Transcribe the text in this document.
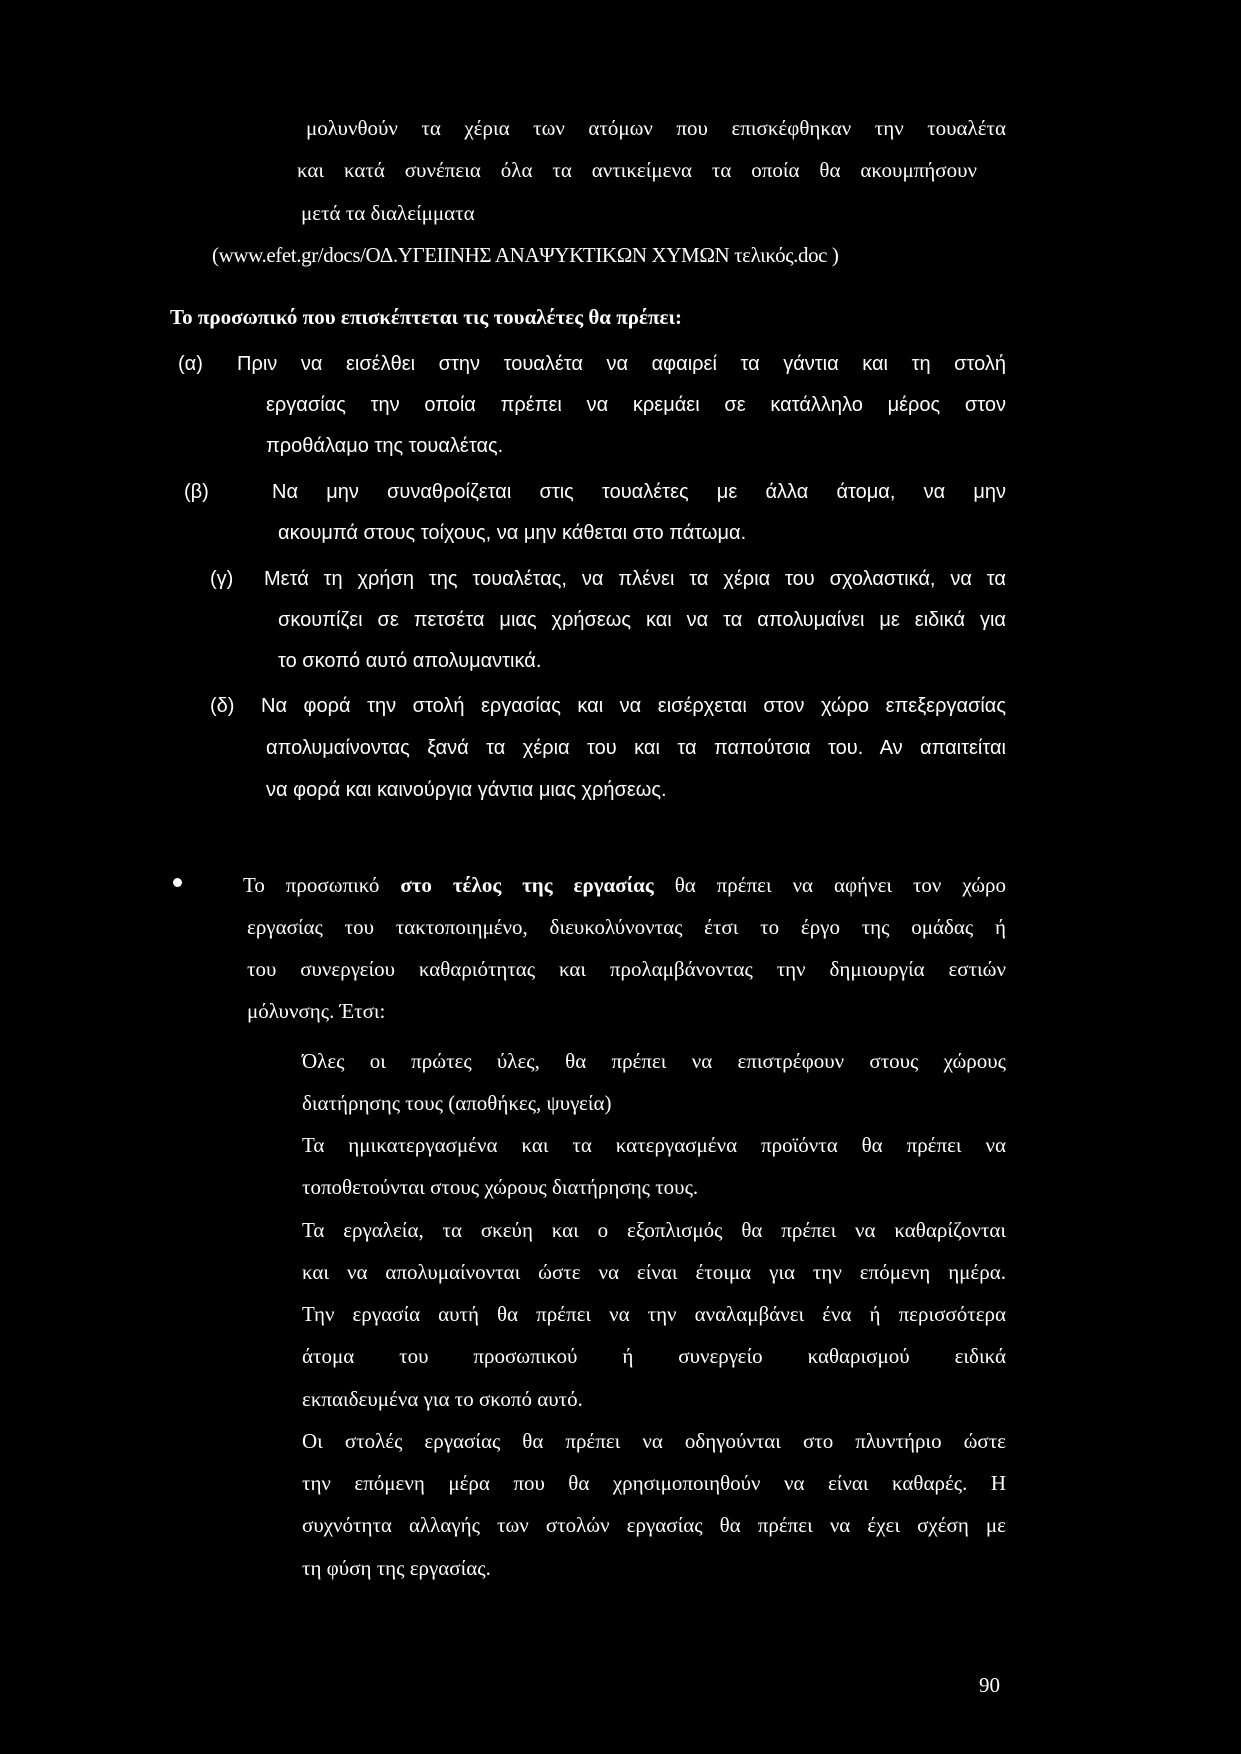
μολυνθούν τα χέρια των ατόμων που επισκέφθηκαν την τουαλέτα
και κατά συνέπεια όλα τα αντικείμενα τα οποία θα ακουμπήσουν
μετά τα διαλείμματα
(www.efet.gr/docs/ΟΔ.ΥΓΕΙΙΝΗΣ ΑΝΑΨΥΚΤΙΚΩΝ ΧΥΜΩΝ τελικός.doc )
Το προσωπικό που επισκέπτεται τις τουαλέτες θα πρέπει:
(α) Πριν να εισέλθει στην τουαλέτα να αφαιρεί τα γάντια και τη στολή
εργασίας την οποία πρέπει να κρεμάει σε κατάλληλο μέρος στον
προθάλαμο της τουαλέτας.
(β)	Να μην συναθροίζεται στις τουαλέτες με άλλα άτομα, να μην
ακουμπά στους τοίχους, να μην κάθεται στο πάτωμα.
(γ) Μετά τη χρήση της τουαλέτας, να πλένει τα χέρια του σχολαστικά, να τα
σκουπίζει σε πετσέτα μιας χρήσεως και να τα απολυμαίνει με ειδικά για
το σκοπό αυτό απολυμαντικά.
(δ) Να φορά την στολή εργασίας και να εισέρχεται στον χώρο επεξεργασίας
απολυμαίνοντας ξανά τα χέρια του και τα παπούτσια του. Αν απαιτείται
να φορά και καινούργια γάντια μιας χρήσεως.
Το προσωπικό στο τέλος της εργασίας θα πρέπει να αφήνει τον χώρο
εργασίας του τακτοποιημένο, διευκολύνοντας έτσι το έργο της ομάδας ή
του συνεργείου καθαριότητας και προλαμβάνοντας την δημιουργία εστιών
μόλυνσης. Έτσι:
Όλες οι πρώτες ύλες, θα πρέπει να επιστρέφουν στους χώρους
διατήρησης τους (αποθήκες, ψυγεία)
Τα ημικατεργασμένα και τα κατεργασμένα προϊόντα θα πρέπει να
τοποθετούνται στους χώρους διατήρησης τους.
Τα εργαλεία, τα σκεύη και ο εξοπλισμός θα πρέπει να καθαρίζονται
και να απολυμαίνονται ώστε να είναι έτοιμα για την επόμενη ημέρα.
Την εργασία αυτή θα πρέπει να την αναλαμβάνει ένα ή περισσότερα
άτομα του προσωπικού ή συνεργείο καθαρισμού ειδικά
εκπαιδευμένα για το σκοπό αυτό.
Οι στολές εργασίας θα πρέπει να οδηγούνται στο πλυντήριο ώστε
την επόμενη μέρα που θα χρησιμοποιηθούν να είναι καθαρές. Η
συχνότητα αλλαγής των στολών εργασίας θα πρέπει να έχει σχέση με
τη φύση της εργασίας.
90
